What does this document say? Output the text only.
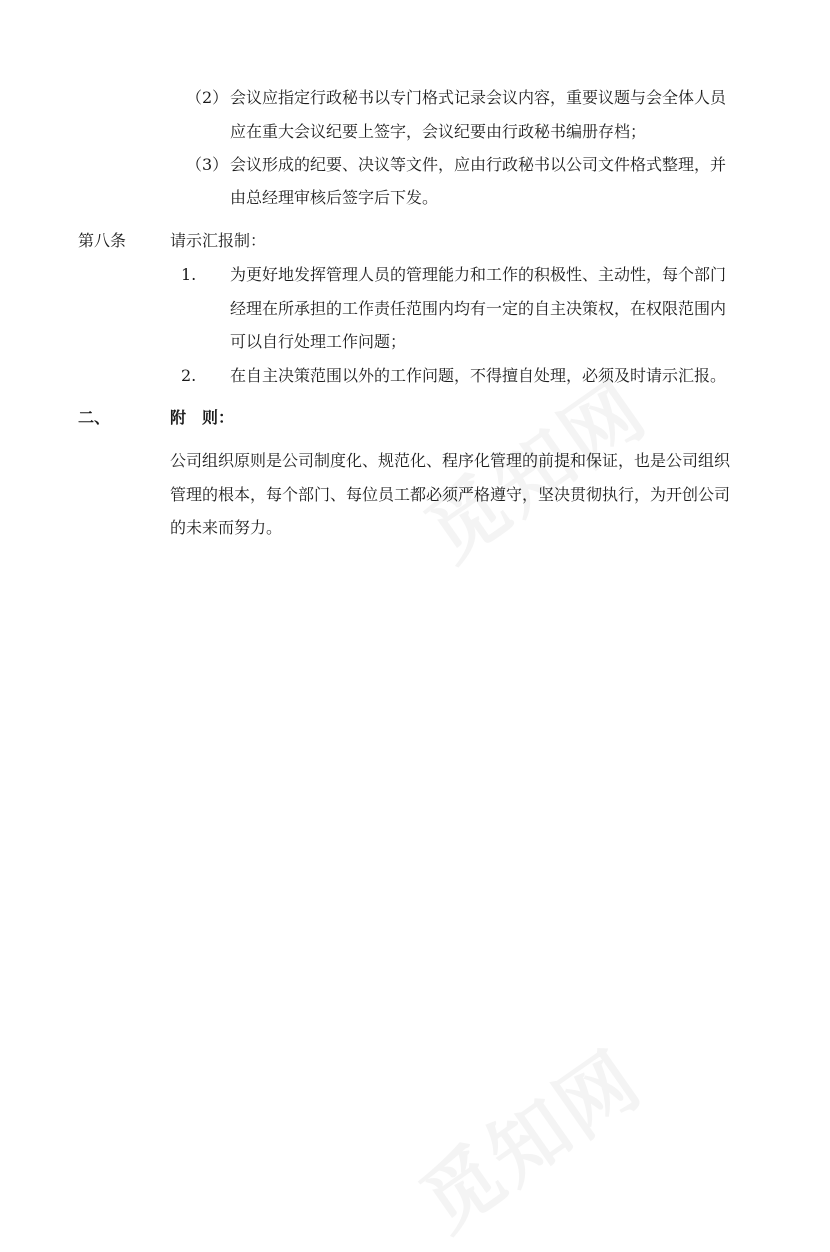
（2） 会议应指定行政秘书以专门格式记录会议内容，重要议题与会全体人员
应在重大会议纪要上签字，会议纪要由行政秘书编册存档；
（3） 会议形成的纪要、决议等文件，应由行政秘书以公司文件格式整理，并
由总经理审核后签字后下发。
第八条	请示汇报制：
1. 为更好地发挥管理人员的管理能力和工作的积极性、主动性，每个部门
经理在所承担的工作责任范围内均有一定的自主决策权，在权限范围内
可以自行处理工作问题；
2. 在自主决策范围以外的工作问题，不得擅自处理，必须及时请示汇报。
二、	附　则：
公司组织原则是公司制度化、规范化、程序化管理的前提和保证，也是公司组织
管理的根本，每个部门、每位员工都必须严格遵守，坚决贯彻执行，为开创公司
的未来而努力。
